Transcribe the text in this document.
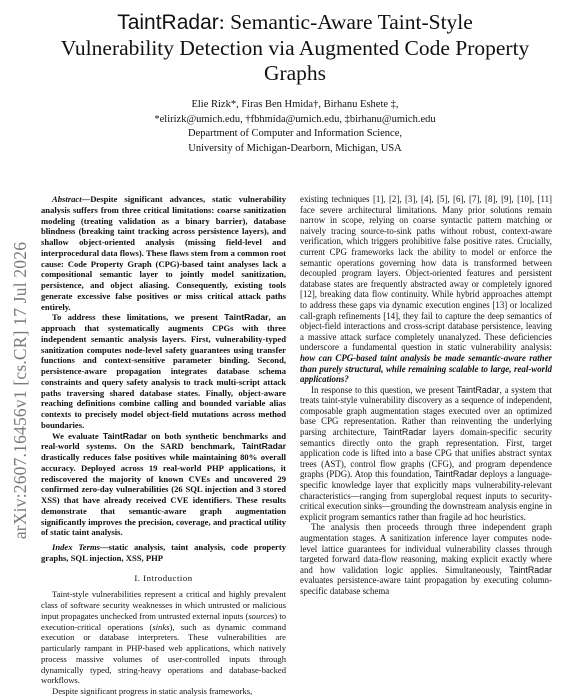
arXiv:2607.16456v1 [cs.CR] 17 Jul 2026
TaintRadar: Semantic-Aware Taint-Style Vulnerability Detection via Augmented Code Property Graphs
Elie Rizk*, Firas Ben Hmida†, Birhanu Eshete ‡,
*elirizk@umich.edu, †fbhmida@umich.edu, ‡birhanu@umich.edu
Department of Computer and Information Science,
University of Michigan-Dearborn, Michigan, USA

Abstract—Despite significant advances, static vulnerability analysis suffers from three critical limitations: coarse sanitization modeling (treating validation as a binary barrier), database blindness (breaking taint tracking across persistence layers), and shallow object-oriented analysis (missing field-level and interprocedural data flows). These flaws stem from a common root cause: Code Property Graph (CPG)-based taint analyses lack a compositional semantic layer to jointly model sanitization, persistence, and object aliasing. Consequently, existing tools generate excessive false positives or miss critical attack paths entirely.

To address these limitations, we present TaintRadar, an approach that systematically augments CPGs with three independent semantic analysis layers. First, vulnerability-typed sanitization computes node-level safety guarantees using transfer functions and context-sensitive parameter binding. Second, persistence-aware propagation integrates database schema constraints and query safety analysis to track multi-script attack paths traversing shared database states. Finally, object-aware reaching definitions combine calling and bounded variable alias contexts to precisely model object-field mutations across method boundaries.

We evaluate TaintRadar on both synthetic benchmarks and real-world systems. On the SARD benchmark, TaintRadar drastically reduces false positives while maintaining 80% overall accuracy. Deployed across 19 real-world PHP applications, it rediscovered the majority of known CVEs and uncovered 29 confirmed zero-day vulnerabilities (26 SQL injection and 3 stored XSS) that have already received CVE identifiers. These results demonstrate that semantic-aware graph augmentation significantly improves the precision, coverage, and practical utility of static taint analysis.

Index Terms—static analysis, taint analysis, code property graphs, SQL injection, XSS, PHP

I. Introduction

Taint-style vulnerabilities represent a critical and highly prevalent class of software security weaknesses in which untrusted or malicious input propagates unchecked from untrusted external inputs (sources) to execution-critical operations (sinks), such as dynamic command execution or database interpreters. These vulnerabilities are particularly rampant in PHP-based web applications, which natively process massive volumes of user-controlled inputs through dynamically typed, string-heavy operations and database-backed workflows.

Despite significant progress in static analysis frameworks,

existing techniques [1], [2], [3], [4], [5], [6], [7], [8], [9], [10], [11] face severe architectural limitations. Many prior solutions remain narrow in scope, relying on coarse syntactic pattern matching or naively tracing source-to-sink paths without robust, context-aware verification, which triggers prohibitive false positive rates. Crucially, current CPG frameworks lack the ability to model or enforce the semantic operations governing how data is transformed between decoupled program layers. Object-oriented features and persistent database states are frequently abstracted away or completely ignored [12], breaking data flow continuity. While hybrid approaches attempt to address these gaps via dynamic execution engines [13] or localized call-graph refinements [14], they fail to capture the deep semantics of object-field interactions and cross-script database persistence, leaving a massive attack surface completely unanalyzed. These deficiencies underscore a fundamental question in static vulnerability analysis: how can CPG-based taint analysis be made semantic-aware rather than purely structural, while remaining scalable to large, real-world applications?

In response to this question, we present TaintRadar, a system that treats taint-style vulnerability discovery as a sequence of independent, composable graph augmentation stages executed over an optimized base CPG representation. Rather than reinventing the underlying parsing architecture, TaintRadar layers domain-specific security semantics directly onto the graph representation. First, target application code is lifted into a base CPG that unifies abstract syntax trees (AST), control flow graphs (CFG), and program dependence graphs (PDG). Atop this foundation, TaintRadar deploys a language-specific knowledge layer that explicitly maps vulnerability-relevant characteristics—ranging from superglobal request inputs to security-critical execution sinks—grounding the downstream analysis engine in explicit program semantics rather than fragile ad hoc heuristics.

The analysis then proceeds through three independent graph augmentation stages. A sanitization inference layer computes node-level lattice guarantees for individual vulnerability classes through targeted forward data-flow reasoning, making explicit exactly where and how validation logic applies. Simultaneously, TaintRadar evaluates persistence-aware taint propagation by executing column-specific database schema
